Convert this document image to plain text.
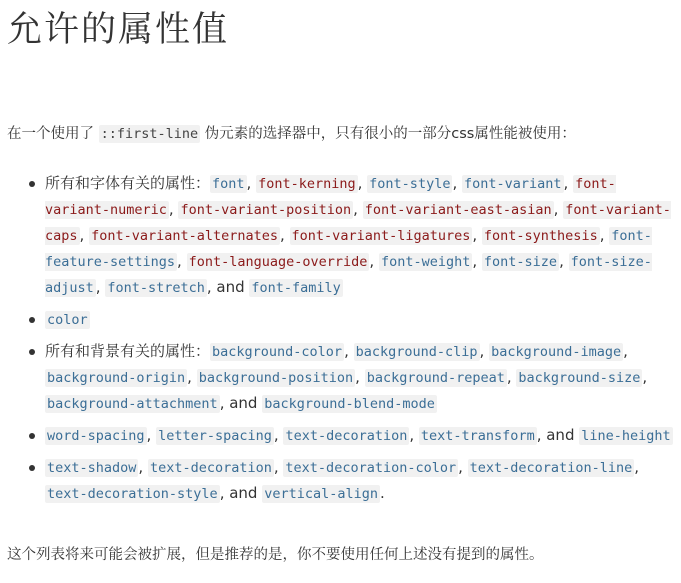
允许的属性值

在一个使用了 ::first-line 伪元素的选择器中，只有很小的一部分css属性能被使用：

所有和字体有关的属性： font , font-kerning , font-style , font-variant , font-variant-numeric , font-variant-position , font-variant-east-asian , font-variant-caps , font-variant-alternates , font-variant-ligatures , font-synthesis , font-feature-settings , font-language-override , font-weight , font-size , font-size-adjust , font-stretch , and font-family
color
所有和背景有关的属性： background-color , background-clip , background-image , background-origin , background-position , background-repeat , background-size , background-attachment , and background-blend-mode
word-spacing , letter-spacing , text-decoration , text-transform , and line-height
text-shadow , text-decoration , text-decoration-color , text-decoration-line , text-decoration-style , and vertical-align .

这个列表将来可能会被扩展，但是推荐的是，你不要使用任何上述没有提到的属性。
